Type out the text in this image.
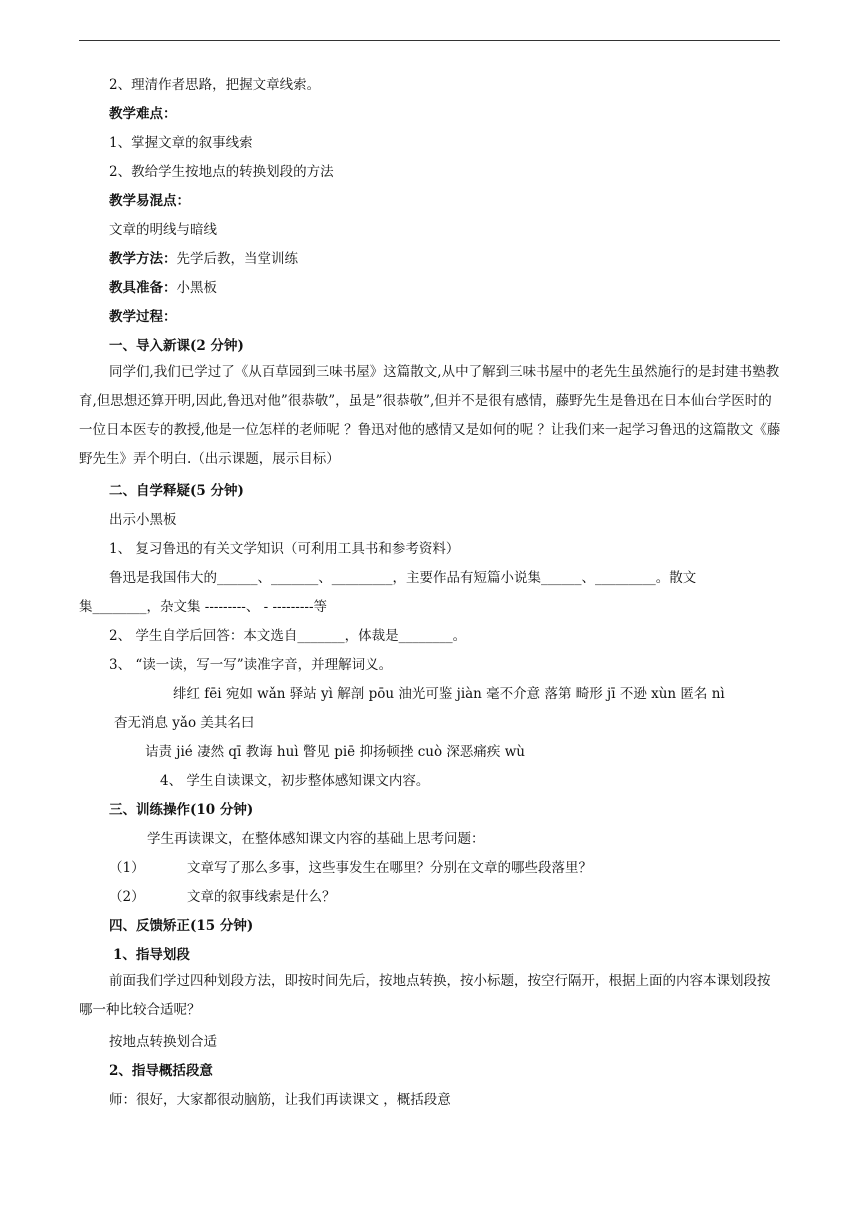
2、理清作者思路，把握文章线索。
教学难点：
1、掌握文章的叙事线索
2、教给学生按地点的转换划段的方法
教学易混点：
文章的明线与暗线
教学方法：先学后教，当堂训练
教具准备：小黑板
教学过程：
一、导入新课(2 分钟)
同学们,我们已学过了《从百草园到三味书屋》这篇散文,从中了解到三味书屋中的老先生虽然施行的是封建书塾教育,但思想还算开明,因此,鲁迅对他”很恭敬”，虽是”很恭敬”,但并不是很有感情，藤野先生是鲁迅在日本仙台学医时的一位日本医专的教授,他是一位怎样的老师呢 ？鲁迅对他的感情又是如何的呢 ？让我们来一起学习鲁迅的这篇散文《藤野先生》弄个明白.（出示课题，展示目标）
二、自学释疑(5 分钟)
出示小黑板
1、 复习鲁迅的有关文学知识（可利用工具书和参考资料）
鲁迅是我国伟大的______、_______、_________，主要作品有短篇小说集______、_________。散文
集________，杂文集 ---------、 - ---------等
2、 学生自学后回答：本文选自_______，体裁是________。
3、 “读一读，写一写”读准字音，并理解词义。
绯红 fēi 宛如 wǎn 驿站 yì 解剖 pōu 油光可鉴 jiàn 毫不介意 落第 畸形 jī 不逊 xùn 匿名 nì
杳无消息 yǎo 美其名曰
诘责 jié 凄然 qī 教诲 huì 瞥见 piē 抑扬顿挫 cuò 深恶痛疾 wù
4、 学生自读课文，初步整体感知课文内容。
三、训练操作(10 分钟)
学生再读课文，在整体感知课文内容的基础上思考问题：
（1）	文章写了那么多事，这些事发生在哪里？分别在文章的哪些段落里？
（2）	文章的叙事线索是什么？
四、反馈矫正(15 分钟)
1、指导划段
前面我们学过四种划段方法，即按时间先后，按地点转换，按小标题，按空行隔开，根据上面的内容本课划段按哪一种比较合适呢？
按地点转换划合适
2、指导概括段意
师：很好，大家都很动脑筋，让我们再读课文 ，概括段意
